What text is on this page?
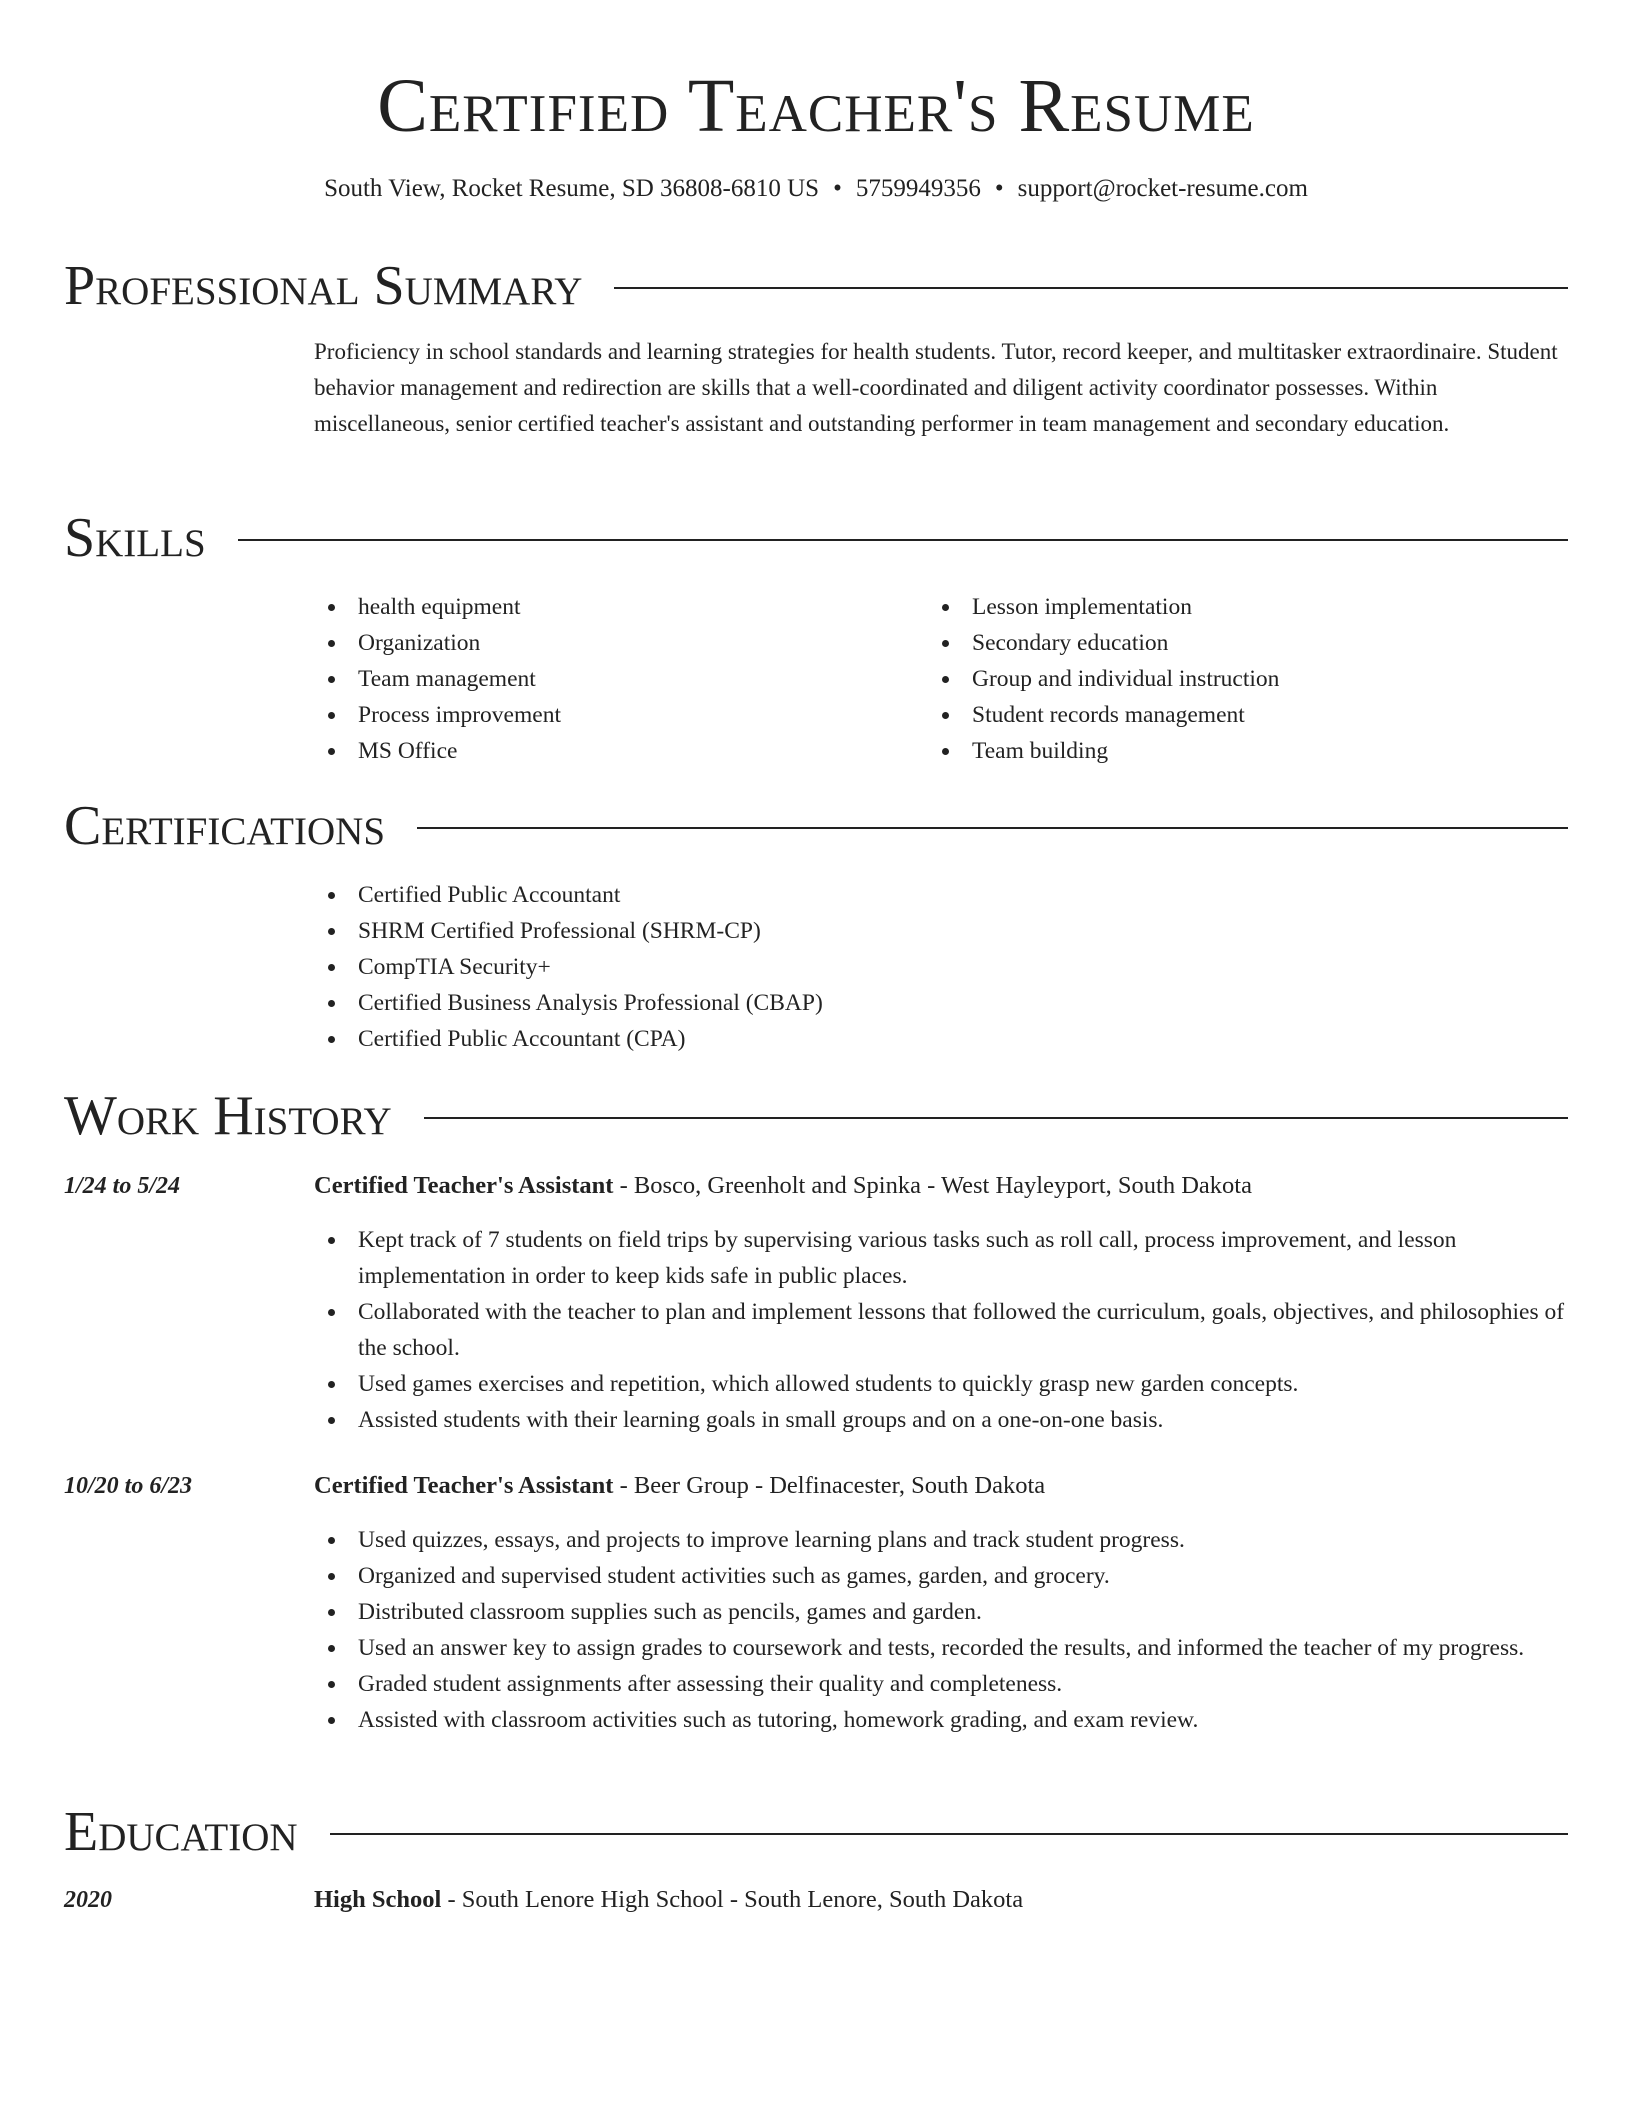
Certified Teacher's Resume
South View, Rocket Resume, SD 36808-6810 US • 5759949356 • support@rocket-resume.com
Professional Summary
Proficiency in school standards and learning strategies for health students. Tutor, record keeper, and multitasker extraordinaire. Student behavior management and redirection are skills that a well-coordinated and diligent activity coordinator possesses. Within miscellaneous, senior certified teacher's assistant and outstanding performer in team management and secondary education.
Skills
health equipment
Organization
Team management
Process improvement
MS Office
Lesson implementation
Secondary education
Group and individual instruction
Student records management
Team building
Certifications
Certified Public Accountant
SHRM Certified Professional (SHRM-CP)
CompTIA Security+
Certified Business Analysis Professional (CBAP)
Certified Public Accountant (CPA)
Work History
1/24 to 5/24	Certified Teacher's Assistant - Bosco, Greenholt and Spinka - West Hayleyport, South Dakota
Kept track of 7 students on field trips by supervising various tasks such as roll call, process improvement, and lesson implementation in order to keep kids safe in public places.
Collaborated with the teacher to plan and implement lessons that followed the curriculum, goals, objectives, and philosophies of the school.
Used games exercises and repetition, which allowed students to quickly grasp new garden concepts.
Assisted students with their learning goals in small groups and on a one-on-one basis.
10/20 to 6/23	Certified Teacher's Assistant - Beer Group - Delfinacester, South Dakota
Used quizzes, essays, and projects to improve learning plans and track student progress.
Organized and supervised student activities such as games, garden, and grocery.
Distributed classroom supplies such as pencils, games and garden.
Used an answer key to assign grades to coursework and tests, recorded the results, and informed the teacher of my progress.
Graded student assignments after assessing their quality and completeness.
Assisted with classroom activities such as tutoring, homework grading, and exam review.
Education
2020	High School - South Lenore High School - South Lenore, South Dakota
